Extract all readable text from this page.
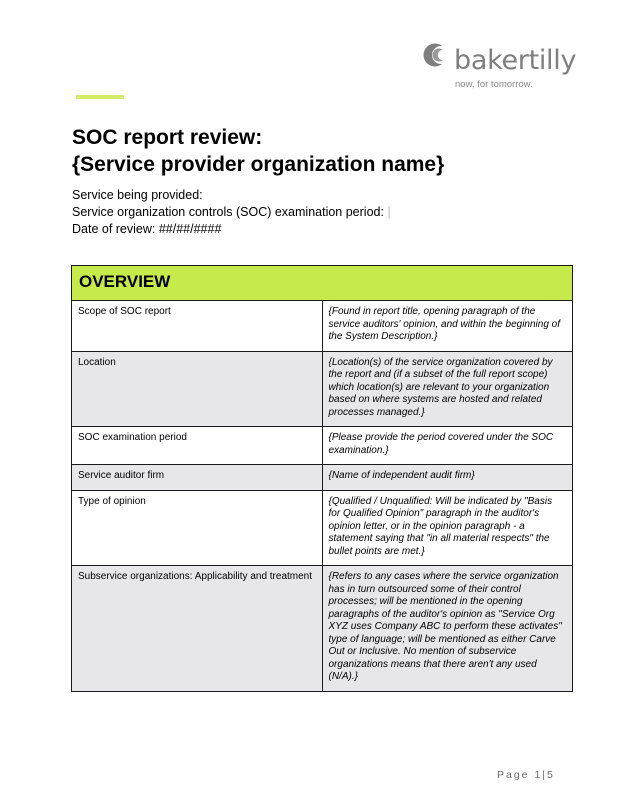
bakertilly
now, for tomorrow.
SOC report review:
{Service provider organization name}
Service being provided:
Service organization controls (SOC) examination period: |
Date of review: ##/##/####
OVERVIEW	
Scope of SOC report	{Found in report title, opening paragraph of the service auditors' opinion, and within the beginning of the System Description.}
Location	{Location(s) of the service organization covered by the report and (if a subset of the full report scope) which location(s) are relevant to your organization based on where systems are hosted and related processes managed.}
SOC examination period	{Please provide the period covered under the SOC examination.}
Service auditor firm	{Name of independent audit firm}
Type of opinion	{Qualified / Unqualified: Will be indicated by "Basis for Qualified Opinion" paragraph in the auditor's opinion letter, or in the opinion paragraph - a statement saying that "in all material respects" the bullet points are met.}
Subservice organizations: Applicability and treatment	{Refers to any cases where the service organization has in turn outsourced some of their control processes; will be mentioned in the opening paragraphs of the auditor's opinion as "Service Org XYZ uses Company ABC to perform these activates" type of language; will be mentioned as either Carve Out or Inclusive. No mention of subservice organizations means that there aren't any used (N/A).}
Page 1|5
